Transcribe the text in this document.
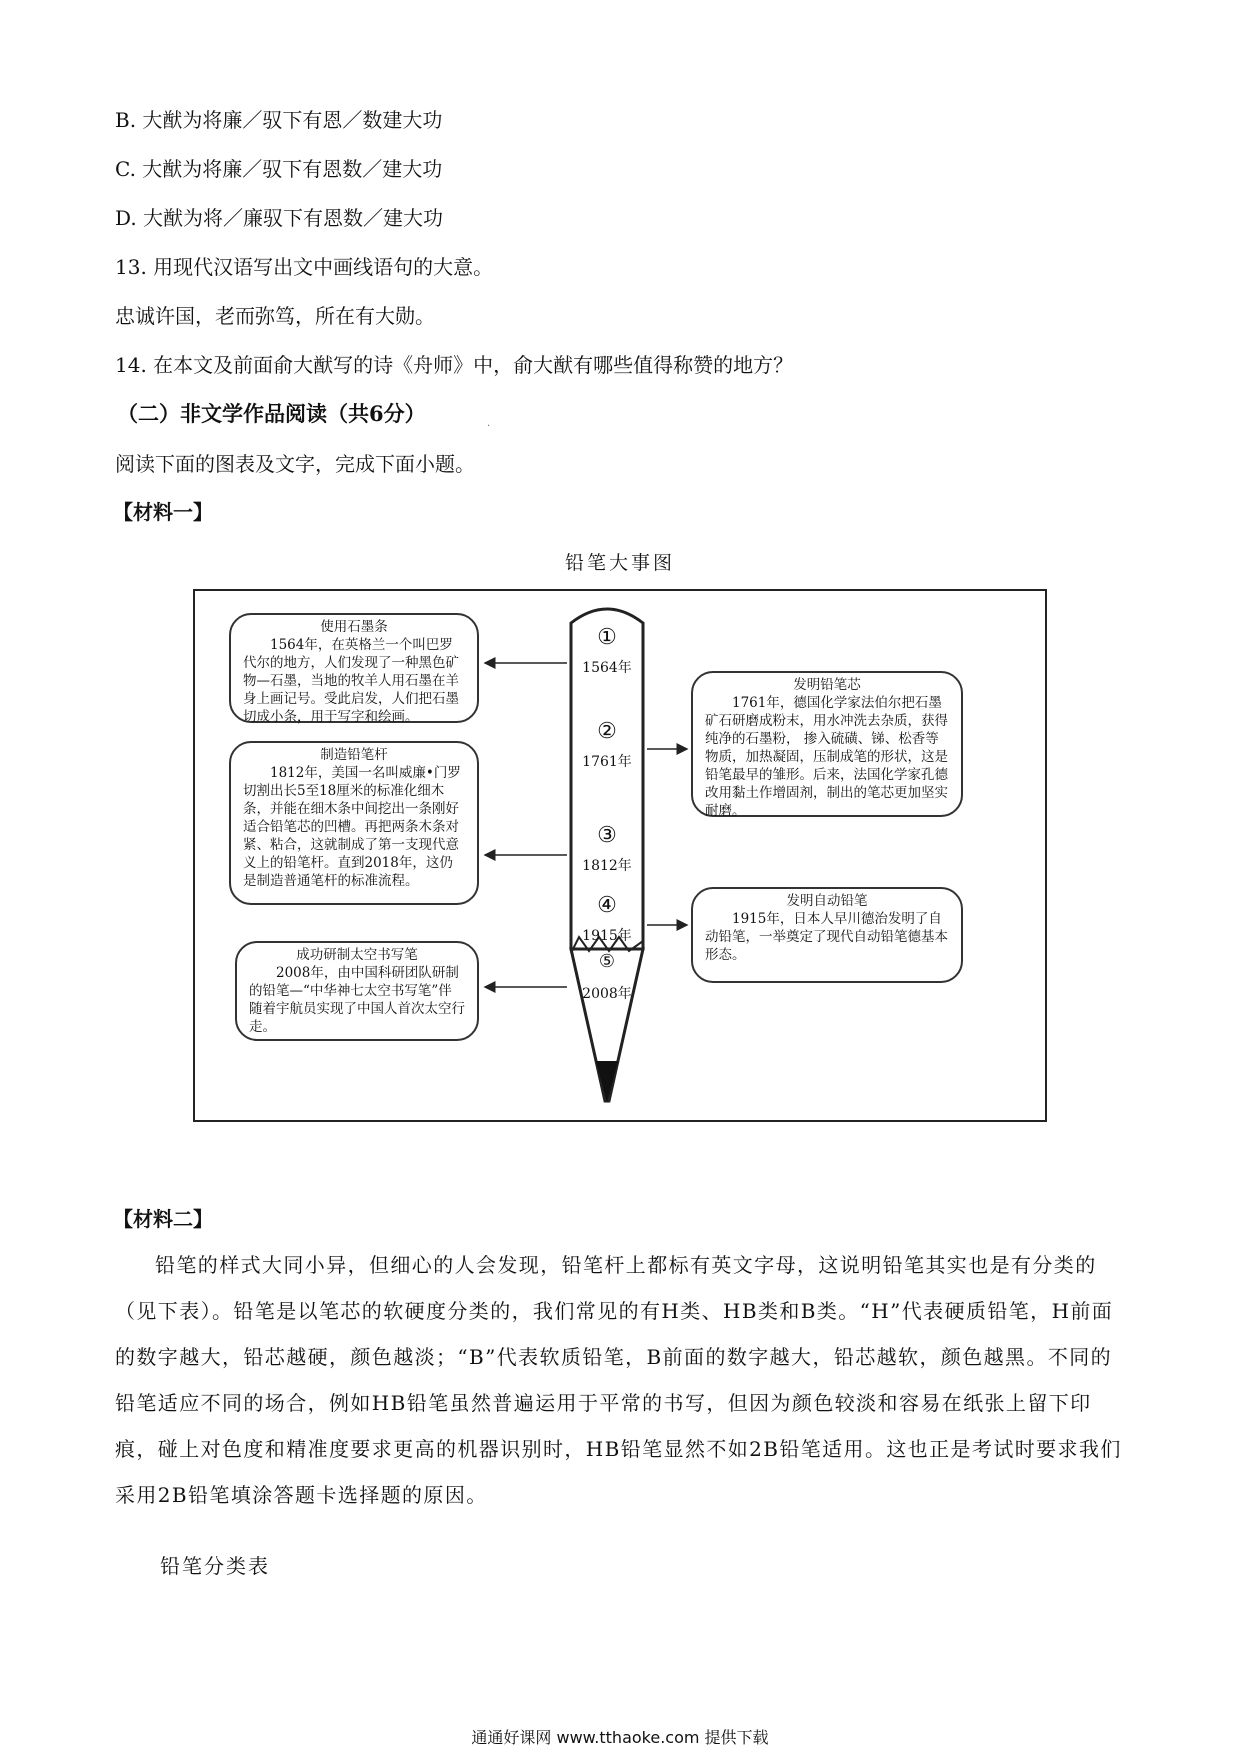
B. 大猷为将廉／驭下有恩／数建大功
C. 大猷为将廉／驭下有恩数／建大功
D. 大猷为将／廉驭下有恩数／建大功
13. 用现代汉语写出文中画线语句的大意。
忠诚许国，老而弥笃，所在有大勋。
14. 在本文及前面俞大猷写的诗《舟师》中，俞大猷有哪些值得称赞的地方？
（二）非文学作品阅读（共6分）	.
阅读下面的图表及文字，完成下面小题。
【材料一】
铅笔大事图
①
1564年
②
1761年
③
1812年
④
1915年
⑤
2008年
使用石墨条
1564年，在英格兰一个叫巴罗代尔的地方，人们发现了一种黑色矿物—石墨，当地的牧羊人用石墨在羊身上画记号。受此启发，人们把石墨切成小条，用于写字和绘画。
发明铅笔芯
1761年，德国化学家法伯尔把石墨矿石研磨成粉末，用水冲洗去杂质，获得纯净的石墨粉， 掺入硫磺、锑、松香等物质，加热凝固，压制成笔的形状，这是铅笔最早的雏形。后来，法国化学家孔德改用黏土作增固剂，制出的笔芯更加坚实耐磨。
制造铅笔杆
1812年，美国一名叫威廉•门罗切割出长5至18厘米的标准化细木条，并能在细木条中间挖出一条刚好适合铅笔芯的凹槽。再把两条木条对紧、粘合，这就制成了第一支现代意义上的铅笔杆。直到2018年，这仍是制造普通笔杆的标准流程。
发明自动铅笔
1915年，日本人早川德治发明了自动铅笔，一举奠定了现代自动铅笔德基本形态。
成功研制太空书写笔
2008年，由中国科研团队研制的铅笔—“中华神七太空书写笔”伴随着宇航员实现了中国人首次太空行走。
【材料二】

铅笔的样式大同小异，但细心的人会发现，铅笔杆上都标有英文字母，这说明铅笔其实也是有分类的（见下表）。铅笔是以笔芯的软硬度分类的，我们常见的有H类、HB类和B类。“H”代表硬质铅笔，H前面的数字越大，铅芯越硬，颜色越淡；“B”代表软质铅笔，B前面的数字越大，铅芯越软，颜色越黑。不同的铅笔适应不同的场合，例如HB铅笔虽然普遍运用于平常的书写，但因为颜色较淡和容易在纸张上留下印痕，碰上对色度和精准度要求更高的机器识别时，HB铅笔显然不如2B铅笔适用。这也正是考试时要求我们采用2B铅笔填涂答题卡选择题的原因。

铅笔分类表
通通好课网 www.tthaoke.com 提供下载
